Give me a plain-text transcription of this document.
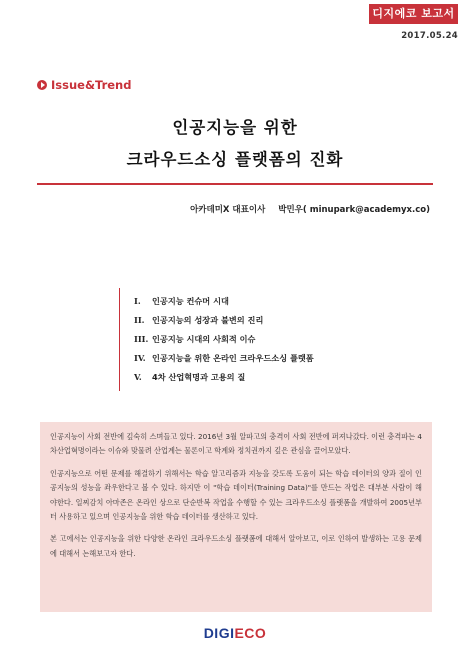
디지에코 보고서
2017.05.24
Issue&Trend
인공지능을 위한
크라우드소싱 플랫폼의 진화
아카데미X 대표이사 박민우( minupark@academyx.co)
I.	인공지능 컨슈머 시대
II. 인공지능의 성장과 불변의 진리
III. 인공지능 시대의 사회적 이슈
IV. 인공지능을 위한 온라인 크라우드소싱 플랫폼
V.	4차 산업혁명과 고용의 질

인공지능이 사회 전반에 깊숙히 스며들고 있다. 2016년 3월 알파고의 충격이 사회 전반에 퍼져나갔다. 이런 충격파는 4차산업혁명이라는 이슈와 맞물려 산업계는 물론이고 학계와 정치권까지 깊은 관심을 끌어모았다.

인공지능으로 어떤 문제를 해결하기 위해서는 학습 알고리즘과 지능을 갖도록 도움이 되는 학습 데이터의 양과 질이 인공지능의 성능을 좌우한다고 볼 수 있다. 하지만 이 "학습 데이터(Training Data)"를 만드는 작업은 대부분 사람이 해야한다. 일찌감치 아마존은 온라인 상으로 단순반복 작업을 수행할 수 있는 크라우드소싱 플랫폼을 개발하여 2005년부터 사용하고 있으며 인공지능을 위한 학습 데이터를 생산하고 있다.

본 고에서는 인공지능을 위한 다양한 온라인 크라우드소싱 플랫폼에 대해서 알아보고, 이로 인하여 발생하는 고용 문제에 대해서 논해보고자 한다.

DIGIECO
